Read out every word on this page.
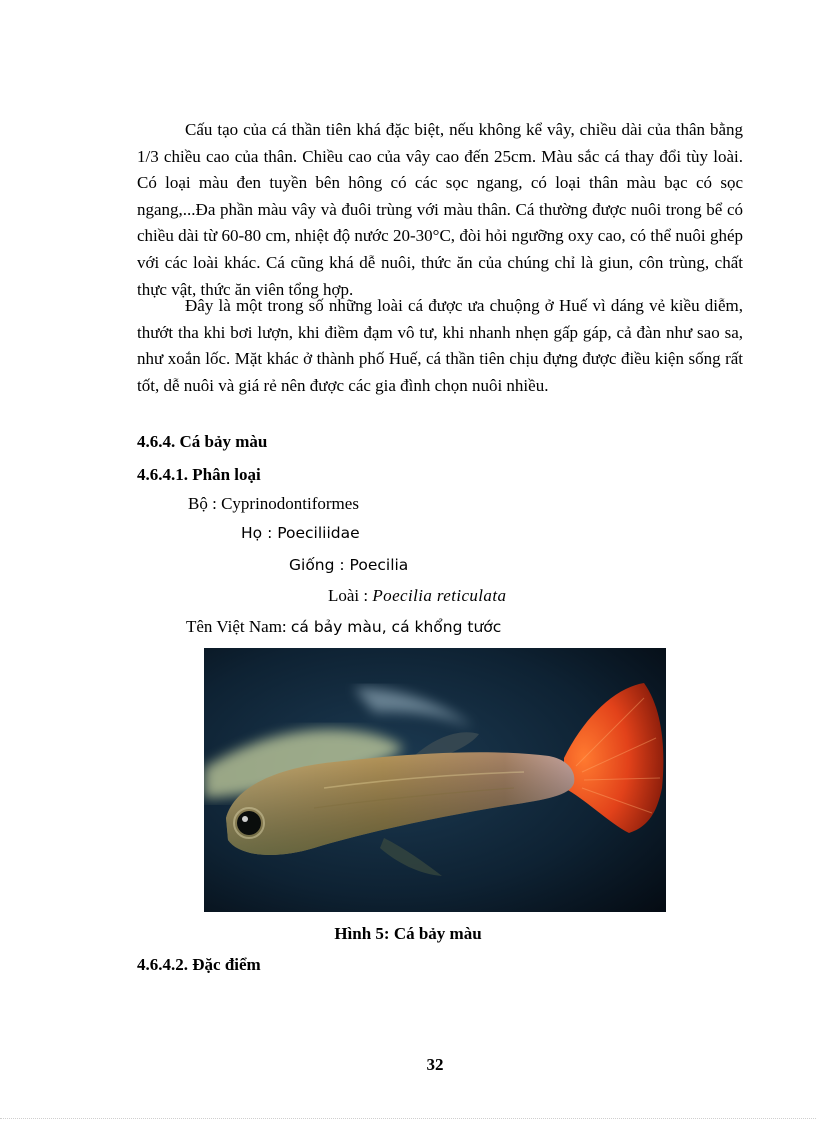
Cấu tạo của cá thần tiên khá đặc biệt, nếu không kể vây, chiều dài của thân bằng 1/3 chiều cao của thân. Chiều cao của vây cao đến 25cm. Màu sắc cá thay đổi tùy loài. Có loại màu đen tuyền bên hông có các sọc ngang, có loại thân màu bạc có sọc ngang,...Đa phần màu vây và đuôi trùng với màu thân. Cá thường được nuôi trong bể có chiều dài từ 60-80 cm, nhiệt độ nước 20-30°C, đòi hỏi ngưỡng oxy cao, có thể nuôi ghép với các loài khác. Cá cũng khá dễ nuôi, thức ăn của chúng chỉ là giun, côn trùng, chất thực vật, thức ăn viên tổng hợp.

Đây là một trong số những loài cá được ưa chuộng ở Huế vì dáng vẻ kiều diễm, thướt tha khi bơi lượn, khi điềm đạm vô tư, khi nhanh nhẹn gấp gáp, cả đàn như sao sa, như xoắn lốc. Mặt khác ở thành phố Huế, cá thần tiên chịu đựng được điều kiện sống rất tốt, dễ nuôi và giá rẻ nên được các gia đình chọn nuôi nhiều.

4.6.4. Cá bảy màu

4.6.4.1. Phân loại

Bộ : Cyprinodontiformes

Họ : Poeciliidae

Giống : Poecilia

Loài : Poecilia reticulata

Tên Việt Nam: cá bảy màu, cá khổng tước

Hình 5: Cá bảy màu

4.6.4.2. Đặc điểm

32
